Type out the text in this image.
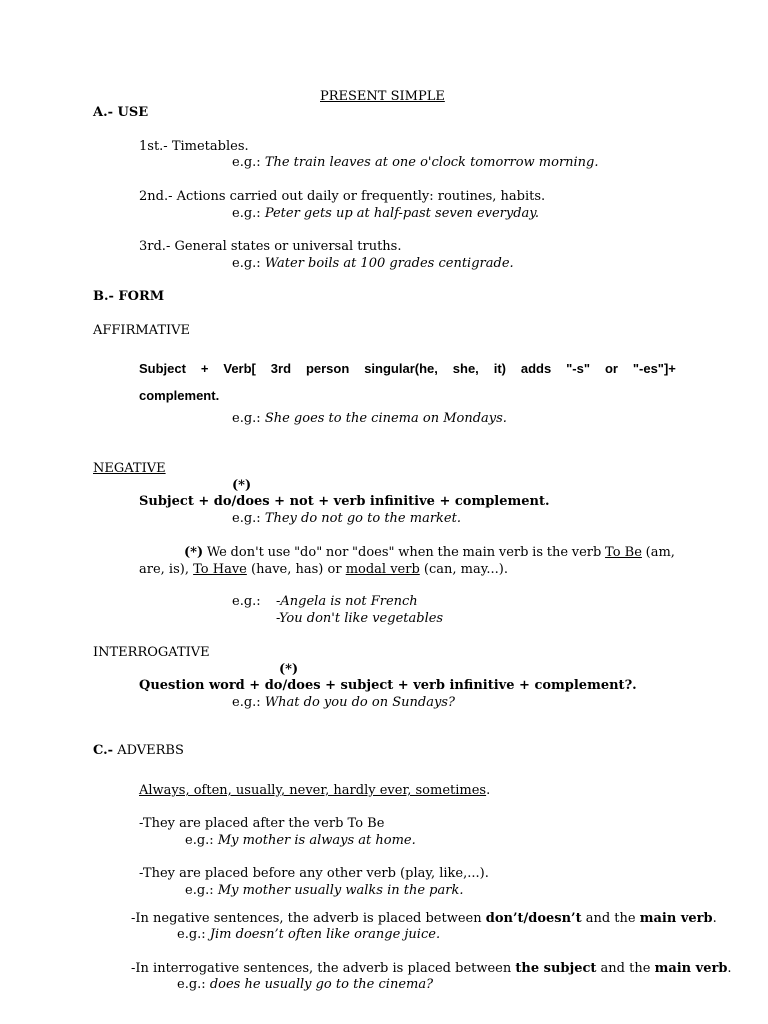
PRESENT SIMPLE
A.- USE
1st.- Timetables.
e.g.: The train leaves at one o'clock tomorrow morning.
2nd.- Actions carried out daily or frequently: routines, habits.
e.g.: Peter gets up at half-past seven everyday.
3rd.- General states or universal truths.
e.g.: Water boils at 100 grades centigrade.
B.- FORM
AFFIRMATIVE
Subject + Verb[ 3rd person singular(he, she, it) adds "-s" or "-es"]+
complement.
e.g.: She goes to the cinema on Mondays.
NEGATIVE
(*)
Subject + do/does + not + verb infinitive + complement.
e.g.: They do not go to the market.
(*) We don't use "do" nor "does" when the main verb is the verb To Be (am,
are, is), To Have (have, has) or modal verb (can, may...).
e.g.: -Angela is not French
-You don't like vegetables
INTERROGATIVE
(*)
Question word + do/does + subject + verb infinitive + complement?.
e.g.: What do you do on Sundays?
C.- ADVERBS
Always, often, usually, never, hardly ever, sometimes.
-They are placed after the verb To Be
e.g.: My mother is always at home.
-They are placed before any other verb (play, like,...).
e.g.: My mother usually walks in the park.
-In negative sentences, the adverb is placed between don’t/doesn’t and the main verb.
e.g.: Jim doesn’t often like orange juice.
-In interrogative sentences, the adverb is placed between the subject and the main verb.
e.g.: does he usually go to the cinema?
